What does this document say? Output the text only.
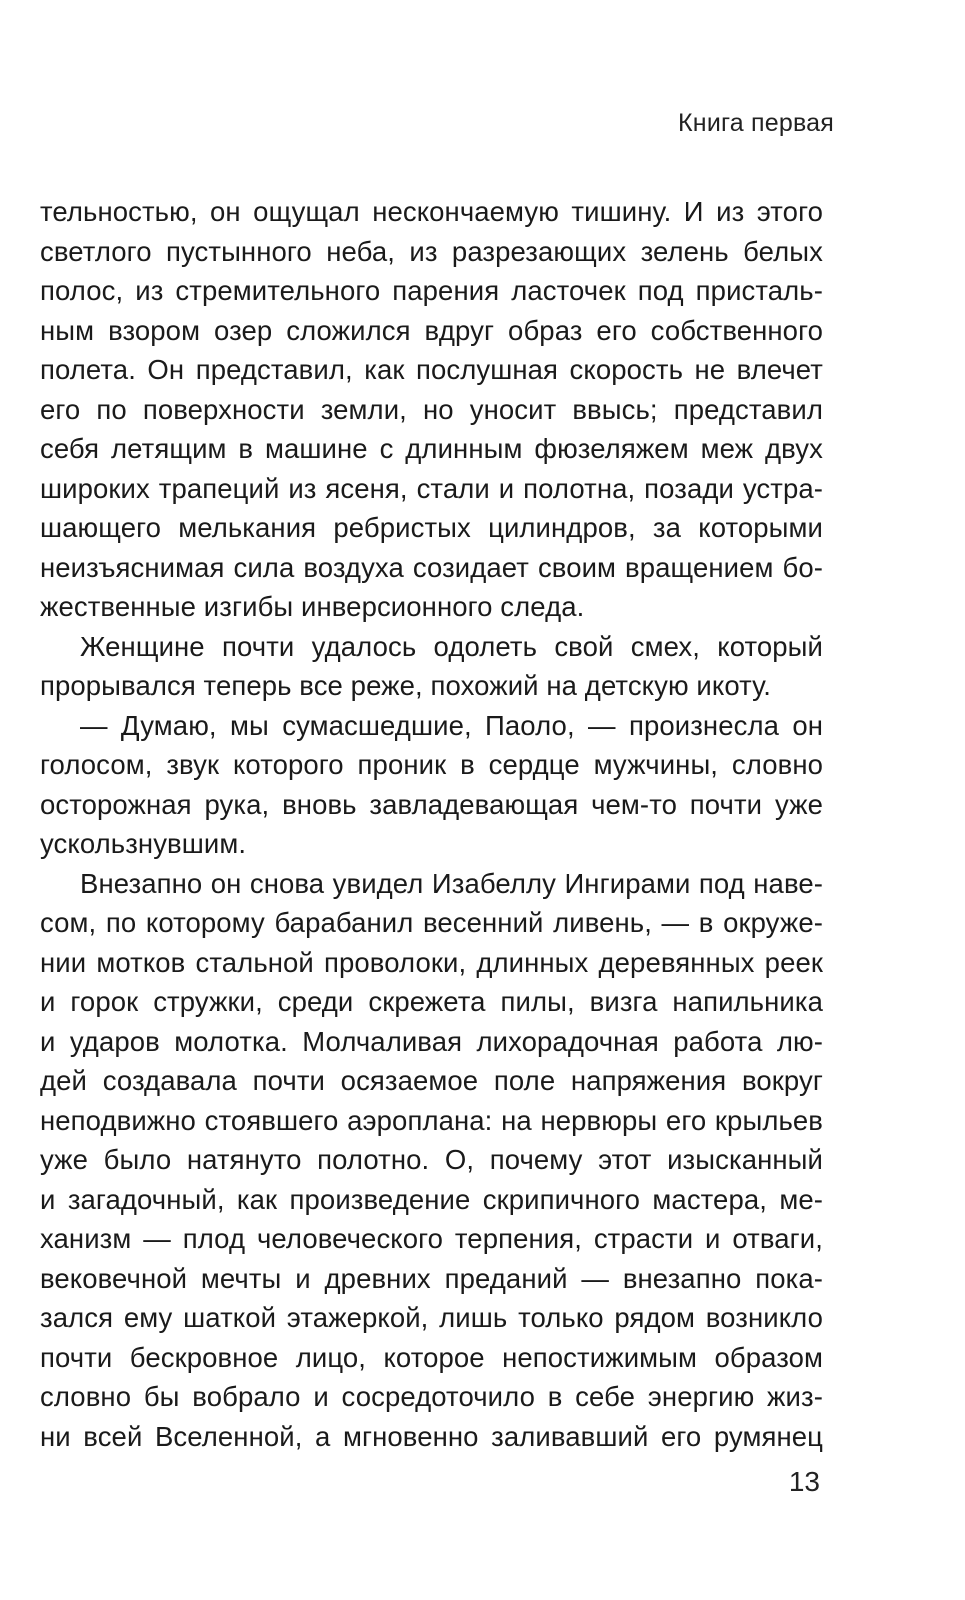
Книга первая
тельностью, он ощущал нескончаемую тишину. И из этого
светлого пустынного неба, из разрезающих зелень белых
полос, из стремительного парения ласточек под присталь-
ным взором озер сложился вдруг образ его собственного
полета. Он представил, как послушная скорость не влечет
его по поверхности земли, но уносит ввысь; представил
себя летящим в машине с длинным фюзеляжем меж двух
широких трапеций из ясеня, стали и полотна, позади устра-
шающего мелькания ребристых цилиндров, за которыми
неизъяснимая сила воздуха созидает своим вращением бо-
жественные изгибы инверсионного следа.
Женщине почти удалось одолеть свой смех, который
прорывался теперь все реже, похожий на детскую икоту.
— Думаю, мы сумасшедшие, Паоло, — произнесла он
голосом, звук которого проник в сердце мужчины, словно
осторожная рука, вновь завладевающая чем-то почти уже
ускользнувшим.
Внезапно он снова увидел Изабеллу Ингирами под наве-
сом, по которому барабанил весенний ливень, — в окруже-
нии мотков стальной проволоки, длинных деревянных реек
и горок стружки, среди скрежета пилы, визга напильника
и ударов молотка. Молчаливая лихорадочная работа лю-
дей создавала почти осязаемое поле напряжения вокруг
неподвижно стоявшего аэроплана: на нервюры его крыльев
уже было натянуто полотно. О, почему этот изысканный
и загадочный, как произведение скрипичного мастера, ме-
ханизм — плод человеческого терпения, страсти и отваги,
вековечной мечты и древних преданий — внезапно пока-
зался ему шаткой этажеркой, лишь только рядом возникло
почти бескровное лицо, которое непостижимым образом
словно бы вобрало и сосредоточило в себе энергию жиз-
ни всей Вселенной, а мгновенно заливавший его румянец
13
